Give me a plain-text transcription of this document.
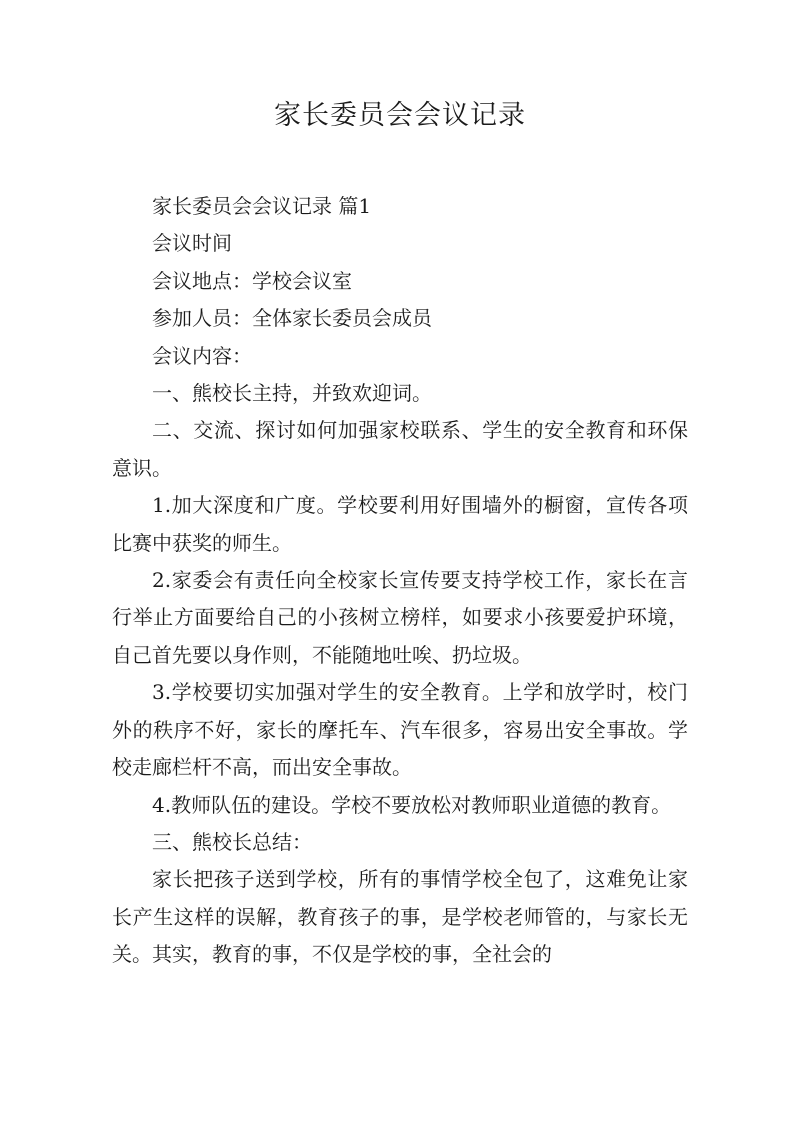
家长委员会会议记录

家长委员会会议记录 篇1

会议时间

会议地点：学校会议室

参加人员：全体家长委员会成员

会议内容：

一、熊校长主持，并致欢迎词。

二、交流、探讨如何加强家校联系、学生的安全教育和环保意识。

1.加大深度和广度。学校要利用好围墙外的橱窗，宣传各项比赛中获奖的师生。

2.家委会有责任向全校家长宣传要支持学校工作，家长在言行举止方面要给自己的小孩树立榜样，如要求小孩要爱护环境，自己首先要以身作则，不能随地吐唉、扔垃圾。

3.学校要切实加强对学生的安全教育。上学和放学时，校门外的秩序不好，家长的摩托车、汽车很多，容易出安全事故。学校走廊栏杆不高，而出安全事故。

4.教师队伍的建设。学校不要放松对教师职业道德的教育。

三、熊校长总结：

家长把孩子送到学校，所有的事情学校全包了，这难免让家长产生这样的误解，教育孩子的事，是学校老师管的，与家长无关。其实，教育的事，不仅是学校的事，全社会的
